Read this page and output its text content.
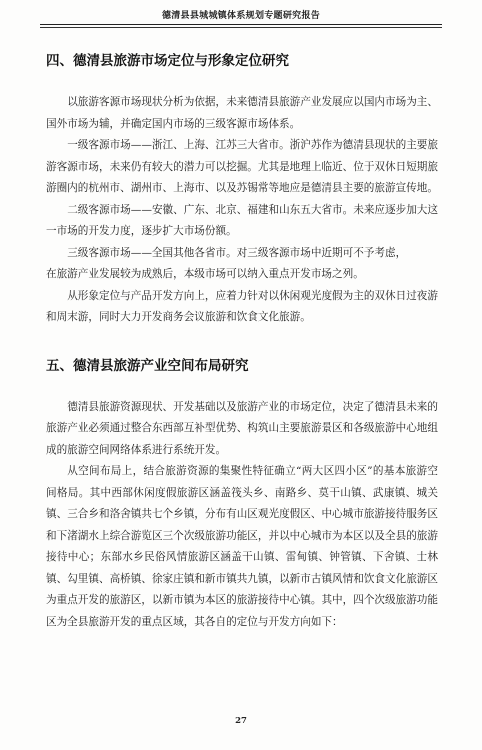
德清县县城城镇体系规划专题研究报告
四、德清县旅游市场定位与形象定位研究

以旅游客源市场现状分析为依据，未来德清县旅游产业发展应以国内市场为主、国外市场为辅，并确定国内市场的三级客源市场体系。

一级客源市场——浙江、上海、江苏三大省市。浙沪苏作为德清县现状的主要旅游客源市场，未来仍有较大的潜力可以挖掘。尤其是地理上临近、位于双休日短期旅游圈内的杭州市、湖州市、上海市、以及苏锡常等地应是德清县主要的旅游宣传地。

二级客源市场——安徽、广东、北京、福建和山东五大省市。未来应逐步加大这一市场的开发力度，逐步扩大市场份额。

三级客源市场——全国其他各省市。对三级客源市场中近期可不予考虑，

在旅游产业发展较为成熟后，本级市场可以纳入重点开发市场之列。

从形象定位与产品开发方向上，应着力针对以休闲观光度假为主的双休日过夜游和周末游，同时大力开发商务会议旅游和饮食文化旅游。

五、德清县旅游产业空间布局研究

德清县旅游资源现状、开发基础以及旅游产业的市场定位，决定了德清县未来的旅游产业必须通过整合东西部互补型优势、构筑山主要旅游景区和各级旅游中心地组成的旅游空间网络体系进行系统开发。

从空间布局上，结合旅游资源的集聚性特征确立“两大区四小区”的基本旅游空间格局。其中西部休闲度假旅游区涵盖筏头乡、南路乡、莫干山镇、武康镇、城关镇、三合乡和洛舍镇共七个乡镇，分布有山区观光度假区、中心城市旅游接待服务区和下渚湖水上综合游览区三个次级旅游功能区，并以中心城市为本区以及全县的旅游接待中心；东部水乡民俗风情旅游区涵盖干山镇、雷甸镇、钟管镇、下舍镇、士林镇、勾里镇、高桥镇、徐家庄镇和新市镇共九镇，以新市古镇风情和饮食文化旅游区为重点开发的旅游区，以新市镇为本区的旅游接待中心镇。其中，四个次级旅游功能区为全县旅游开发的重点区域，其各自的定位与开发方向如下：

27
